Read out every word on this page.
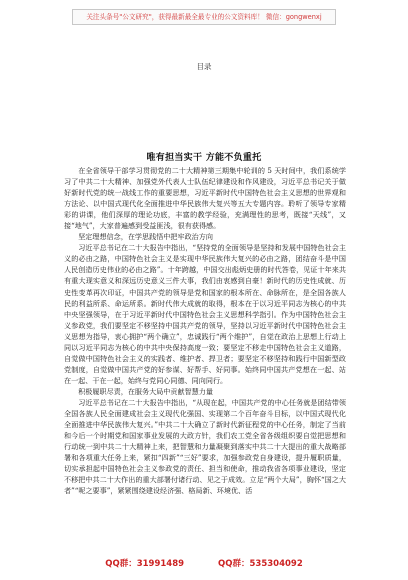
关注头条号"公文研究"，获得最新最全最专业的公文资料库！ 微信：gongwenxj
目录
唯有担当实干 方能不负重托

在全省领导干部学习贯彻党的二十大精神第三期集中轮训的 5 天时间中，我们系统学习了中共二十大精神、加强党外代表人士队伍纪律建设和作风建设，习近平总书记关于做好新时代党的统一战线工作的重要思想，习近平新时代中国特色社会主义思想的世界观和方法论、以中国式现代化全面推进中华民族伟大复兴等五大专题内容。聆听了领导专家精彩的讲课，他们深厚的理论功底，丰富的教学经验，充满理性的思考，既接“天线”，又接“地气”，大家普遍感到受益匪浅，很有获得感。

坚定理想信念，在学思践悟中把牢政治方向

习近平总书记在二十大报告中指出，“坚持党的全面领导是坚持和发展中国特色社会主义的必由之路，中国特色社会主义是实现中华民族伟大复兴的必由之路，团结奋斗是中国人民创造历史伟业的必由之路”。十年跨越，中国交出彪炳史册的时代答卷，见证十年来共有重大现实意义和深远历史意义三件大事，我们由衷感到自豪！新时代的历史性成就、历史性变革再次印证，中国共产党的领导是党和国家的根本所在、命脉所在，是全国各族人民的利益所系、命运所系。新时代伟大成就的取得，根本在于以习近平同志为核心的中共中央坚强领导，在于习近平新时代中国特色社会主义思想科学指引。作为中国特色社会主义参政党，我们要坚定不移坚持中国共产党的领导，坚持以习近平新时代中国特色社会主义思想为指导，衷心拥护“两个确立”，忠诚践行“两个维护”，自觉在政治上思想上行动上同以习近平同志为核心的中共中央保持高度一致；要坚定不移走中国特色社会主义道路，自觉做中国特色社会主义的实践者、维护者、捍卫者；要坚定不移坚持和践行中国新型政党制度，自觉做中国共产党的好参谋、好帮手、好同事。始终同中国共产党想在一起、站在一起、干在一起，始终与党同心同德、同向同行。

积极履职尽责，在服务大局中贡献智慧力量

习近平总书记在二十大报告中指出，“从现在起，中国共产党的中心任务就是团结带领全国各族人民全面建成社会主义现代化强国、实现第二个百年奋斗目标，以中国式现代化全面推进中华民族伟大复兴。”中共二十大确立了新时代新征程党的中心任务，制定了当前和今后一个时期党和国家事业发展的大政方针，我们农工党全省各级组织要自觉把思想和行动统一到中共二十大精神上来，把智慧和力量凝聚到落实中共二十大提出的重大战略部署和各项重大任务上来，紧扣“四新”“三好”要求，加强参政党自身建设，提升履职质量，切实承担起中国特色社会主义参政党的责任、担当和使命，推动我省各项事业建设，坚定不移把中共二十大作出的重大部署付诸行动、见之于成效。立足“两个大局”，胸怀“国之大者”“呢之要事”，紧紧围绕建设经济强、格局新、环境优、活

QQ群：31991489	QQ群：535304092
